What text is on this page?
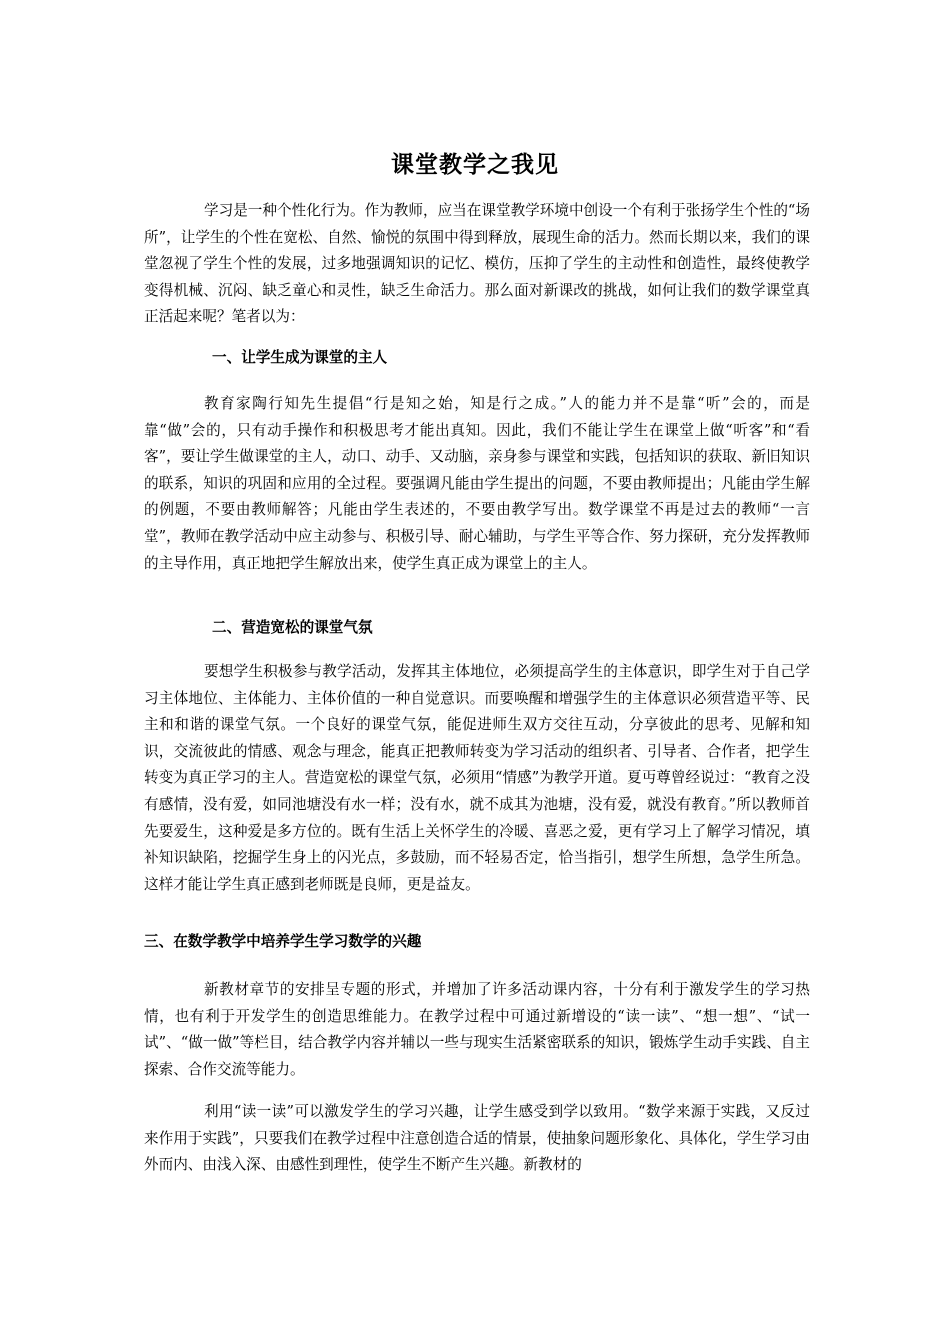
课堂教学之我见

学习是一种个性化行为。作为教师，应当在课堂教学环境中创设一个有利于张扬学生个性的“场所”，让学生的个性在宽松、自然、愉悦的氛围中得到释放，展现生命的活力。然而长期以来，我们的课堂忽视了学生个性的发展，过多地强调知识的记忆、模仿，压抑了学生的主动性和创造性，最终使教学变得机械、沉闷、缺乏童心和灵性，缺乏生命活力。那么面对新课改的挑战，如何让我们的数学课堂真正活起来呢？笔者以为：

一、让学生成为课堂的主人

教育家陶行知先生提倡“行是知之始，知是行之成。”人的能力并不是靠“听”会的，而是靠“做”会的，只有动手操作和积极思考才能出真知。因此，我们不能让学生在课堂上做“听客”和“看客”，要让学生做课堂的主人，动口、动手、又动脑，亲身参与课堂和实践，包括知识的获取、新旧知识的联系，知识的巩固和应用的全过程。要强调凡能由学生提出的问题，不要由教师提出；凡能由学生解的例题，不要由教师解答；凡能由学生表述的，不要由教学写出。数学课堂不再是过去的教师“一言堂”，教师在教学活动中应主动参与、积极引导、耐心辅助，与学生平等合作、努力探研，充分发挥教师的主导作用，真正地把学生解放出来，使学生真正成为课堂上的主人。

二、营造宽松的课堂气氛

要想学生积极参与教学活动，发挥其主体地位，必须提高学生的主体意识，即学生对于自己学习主体地位、主体能力、主体价值的一种自觉意识。而要唤醒和增强学生的主体意识必须营造平等、民主和和谐的课堂气氛。一个良好的课堂气氛，能促进师生双方交往互动，分享彼此的思考、见解和知识，交流彼此的情感、观念与理念，能真正把教师转变为学习活动的组织者、引导者、合作者，把学生转变为真正学习的主人。营造宽松的课堂气氛，必须用“情感”为教学开道。夏丏尊曾经说过：“教育之没有感情，没有爱，如同池塘没有水一样；没有水，就不成其为池塘，没有爱，就没有教育。”所以教师首先要爱生，这种爱是多方位的。既有生活上关怀学生的冷暖、喜恶之爱，更有学习上了解学习情况，填补知识缺陷，挖掘学生身上的闪光点，多鼓励，而不轻易否定，恰当指引，想学生所想，急学生所急。这样才能让学生真正感到老师既是良师，更是益友。

三、在数学教学中培养学生学习数学的兴趣

新教材章节的安排呈专题的形式，并增加了许多活动课内容，十分有利于激发学生的学习热情，也有利于开发学生的创造思维能力。在教学过程中可通过新增设的“读一读”、“想一想”、“试一试”、“做一做”等栏目，结合教学内容并辅以一些与现实生活紧密联系的知识，锻炼学生动手实践、自主探索、合作交流等能力。

利用“读一读”可以激发学生的学习兴趣，让学生感受到学以致用。“数学来源于实践，又反过来作用于实践”，只要我们在教学过程中注意创造合适的情景，使抽象问题形象化、具体化，学生学习由外而内、由浅入深、由感性到理性，使学生不断产生兴趣。新教材的
